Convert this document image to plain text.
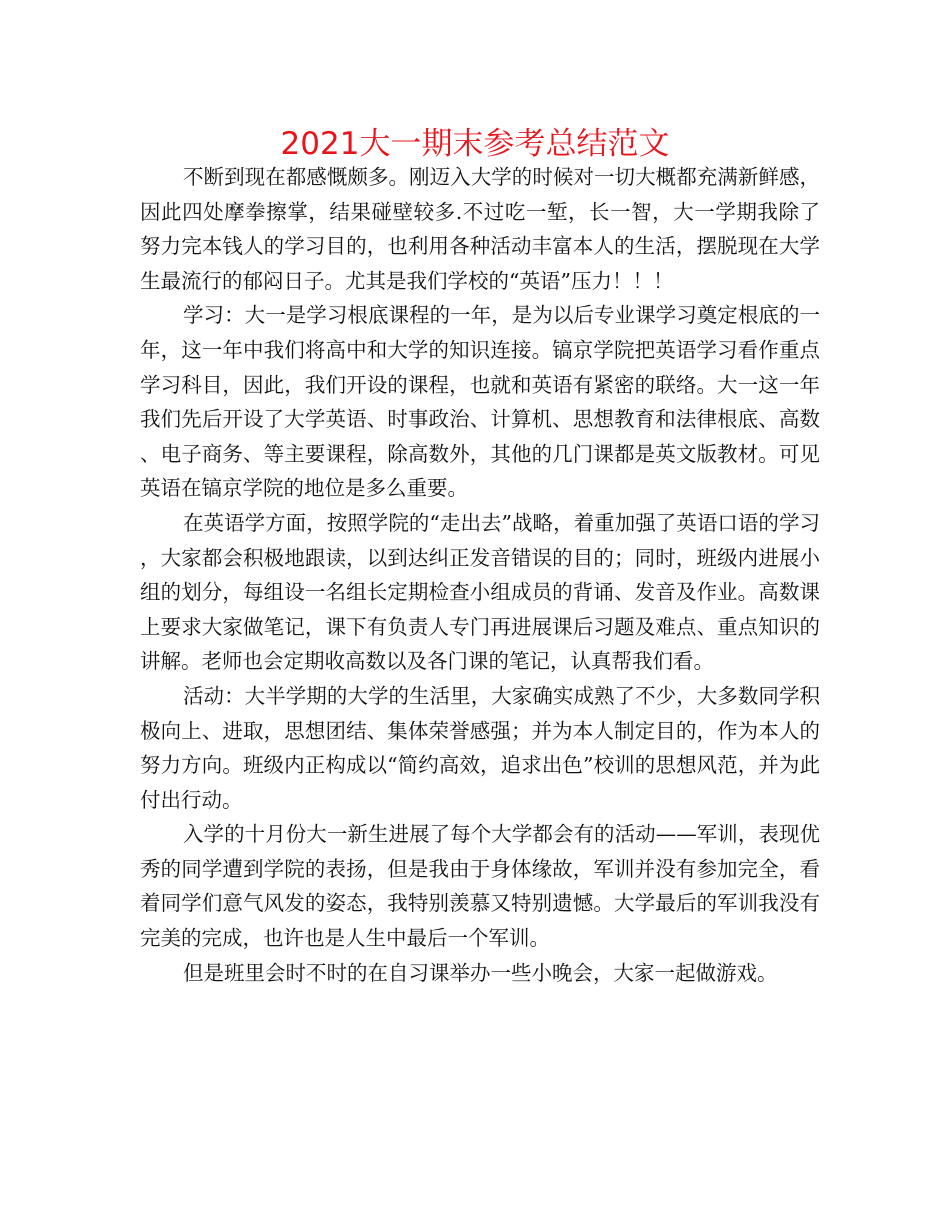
2021大一期末参考总结范文

不断到现在都感慨颇多。刚迈入大学的时候对一切大概都充满新鲜感，因此四处摩拳擦掌，结果碰壁较多.不过吃一堑，长一智，大一学期我除了努力完本钱人的学习目的，也利用各种活动丰富本人的生活，摆脱现在大学生最流行的郁闷日子。尤其是我们学校的“英语”压力！！！

学习：大一是学习根底课程的一年，是为以后专业课学习奠定根底的一年，这一年中我们将高中和大学的知识连接。镐京学院把英语学习看作重点学习科目，因此，我们开设的课程，也就和英语有紧密的联络。大一这一年我们先后开设了大学英语、时事政治、计算机、思想教育和法律根底、高数、电子商务、等主要课程，除高数外，其他的几门课都是英文版教材。可见英语在镐京学院的地位是多么重要。

在英语学方面，按照学院的“走出去”战略，着重加强了英语口语的学习，大家都会积极地跟读，以到达纠正发音错误的目的；同时，班级内进展小组的划分，每组设一名组长定期检查小组成员的背诵、发音及作业。高数课上要求大家做笔记，课下有负责人专门再进展课后习题及难点、重点知识的讲解。老师也会定期收高数以及各门课的笔记，认真帮我们看。

活动：大半学期的大学的生活里，大家确实成熟了不少，大多数同学积极向上、进取，思想团结、集体荣誉感强；并为本人制定目的，作为本人的努力方向。班级内正构成以“简约高效，追求出色”校训的思想风范，并为此付出行动。

入学的十月份大一新生进展了每个大学都会有的活动——军训，表现优秀的同学遭到学院的表扬，但是我由于身体缘故，军训并没有参加完全，看着同学们意气风发的姿态，我特别羡慕又特别遗憾。大学最后的军训我没有完美的完成，也许也是人生中最后一个军训。

但是班里会时不时的在自习课举办一些小晚会，大家一起做游戏。
